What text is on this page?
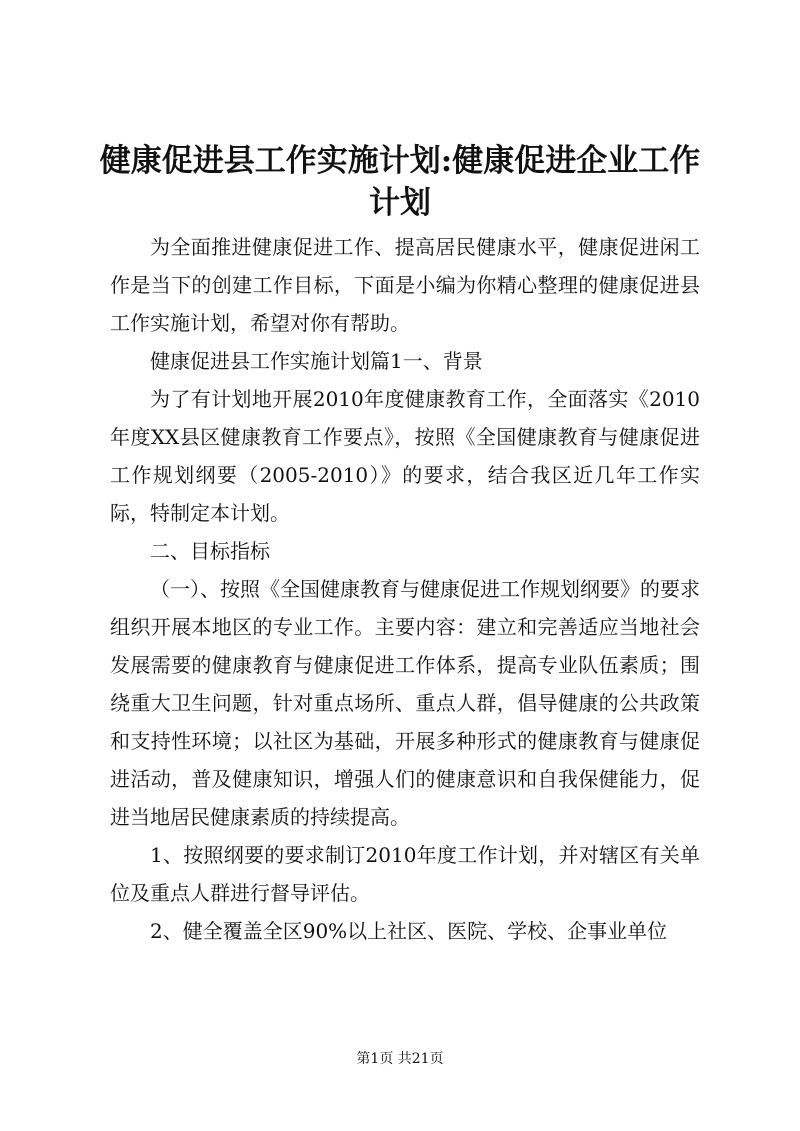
健康促进县工作实施计划:健康促进企业工作计划

为全面推进健康促进工作、提高居民健康水平，健康促进闲工作是当下的创建工作目标，下面是小编为你精心整理的健康促进县工作实施计划，希望对你有帮助。

健康促进县工作实施计划篇1一、背景

为了有计划地开展2010年度健康教育工作，全面落实《2010年度XX县区健康教育工作要点》，按照《全国健康教育与健康促进工作规划纲要（2005-2010）》的要求，结合我区近几年工作实际，特制定本计划。

二、目标指标

（一）、按照《全国健康教育与健康促进工作规划纲要》的要求组织开展本地区的专业工作。主要内容：建立和完善适应当地社会发展需要的健康教育与健康促进工作体系，提高专业队伍素质；围绕重大卫生问题，针对重点场所、重点人群，倡导健康的公共政策和支持性环境；以社区为基础，开展多种形式的健康教育与健康促进活动，普及健康知识，增强人们的健康意识和自我保健能力，促进当地居民健康素质的持续提高。

1、按照纲要的要求制订2010年度工作计划，并对辖区有关单位及重点人群进行督导评估。

2、健全覆盖全区90%以上社区、医院、学校、企事业单位

第1页 共21页
